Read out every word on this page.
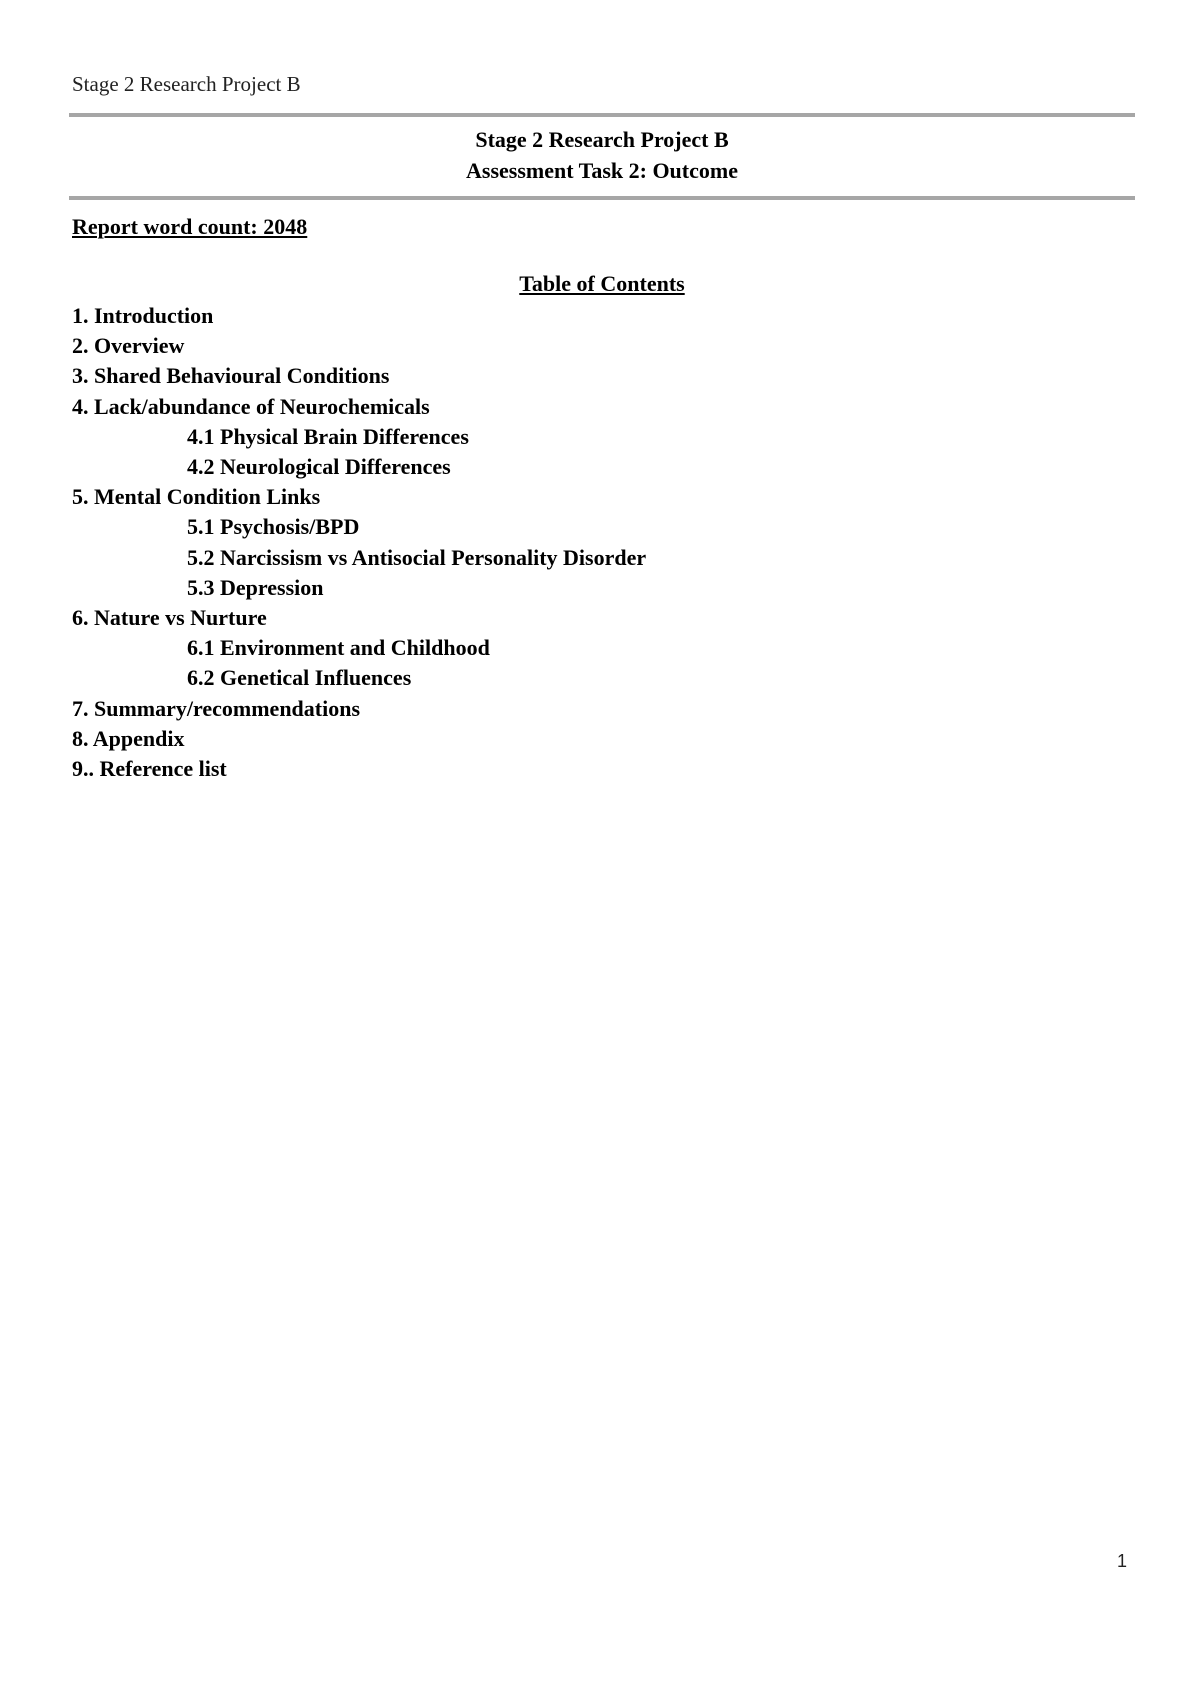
Stage 2 Research Project B
Stage 2 Research Project B
Assessment Task 2: Outcome
Report word count: 2048
Table of Contents
1. Introduction
2. Overview
3. Shared Behavioural Conditions
4. Lack/abundance of Neurochemicals
4.1 Physical Brain Differences
4.2 Neurological Differences
5. Mental Condition Links
5.1 Psychosis/BPD
5.2 Narcissism vs Antisocial Personality Disorder
5.3 Depression
6. Nature vs Nurture
6.1 Environment and Childhood
6.2 Genetical Influences
7. Summary/recommendations
8. Appendix
9.. Reference list
1
